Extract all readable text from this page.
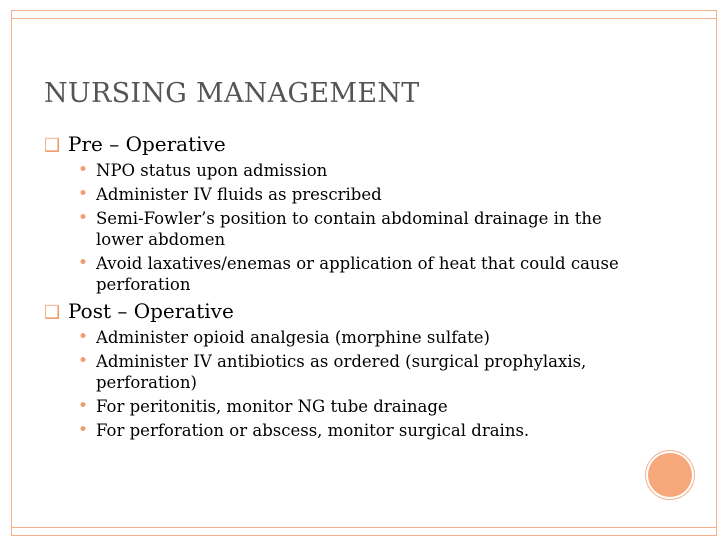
NURSING MANAGEMENT
❑ Pre – Operative
• NPO status upon admission
• Administer IV fluids as prescribed
• Semi-Fowler’s position to contain abdominal drainage in the lower abdomen
• Avoid laxatives/enemas or application of heat that could cause perforation
❑ Post – Operative
• Administer opioid analgesia (morphine sulfate)
• Administer IV antibiotics as ordered (surgical prophylaxis, perforation)
• For peritonitis, monitor NG tube drainage
• For perforation or abscess, monitor surgical drains.
